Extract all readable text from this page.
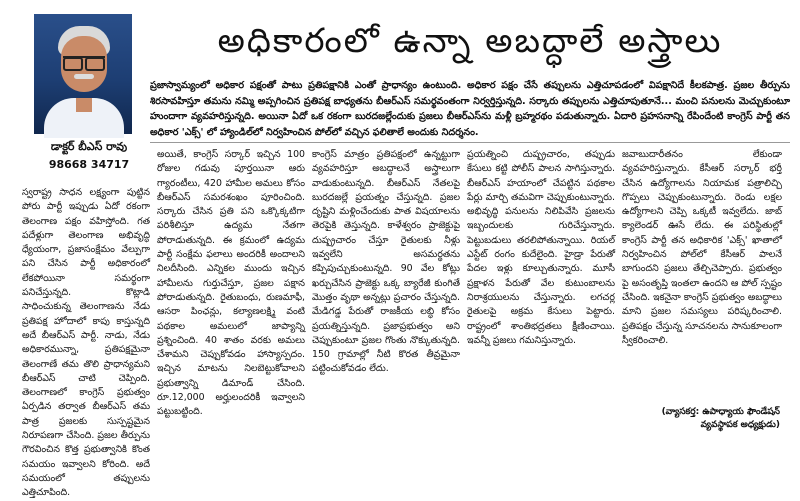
అధికారంలో ఉన్నా అబద్ధాలే అస్త్రాలు
ప్రజాస్వామ్యంలో అధికార పక్షంతో పాటు ప్రతిపక్షానికి ఎంతో ప్రాధాన్యం ఉంటుంది. అధికార పక్షం చేసే తప్పులను ఎత్తిచూపడంలో విపక్షానిదే కీలకపాత్ర. ప్రజల తీర్పును శిరసావహిస్తూ తమను నమ్మి అప్పగించిన ప్రతిపక్ష బాధ్యతను బీఆర్‌ఎస్ సమర్థవంతంగా నిర్వర్తిస్తున్నది. సర్కారు తప్పులను ఎత్తిచూపుతూనే... మంచి పనులను మెచ్చుకుంటూ హుందాగా వ్యవహరిస్తున్నది. అయినా ఏదో ఒక రకంగా బురదజల్లేందుకు ప్రజలు బీఆర్‌ఎస్‌ను మళ్లీ బ్రహ్మరథం పడుతున్నారు. ఏదారి ప్రహసనాన్ని రేపిందేంటి కాంగ్రెస్ పార్టీ తన అధికార 'ఎక్స్' లో హ్యాండిల్‌లో నిర్వహించిన పోల్‌లో వచ్చిన ఫలితాలే అందుకు నిదర్శనం.
డాక్టర్ బీఎస్ రావు
98668 34717
స్వరాష్ట్ర సాధన లక్ష్యంగా పుట్టిన పోరు పార్టీ ఇప్పుడు ఏదో రకంగా తెలంగాణ పక్షం వహిస్తోంది. గత పదేళ్లుగా తెలంగాణ అభివృద్ధి ధ్యేయంగా, ప్రజాసంక్షేమం వేల్పుగా పని చేసిన పార్టీ అధికారంలో లేకపోయినా సమర్థంగా పనిచేస్తున్నది. కొట్లాడి సాధించుకున్న తెలంగాణను నేడు ప్రతిపక్ష హోదాలో కాపు కాస్తున్నది అదే బీఆర్‌ఎస్ పార్టీ. నాడు, నేడు అధికారమున్నా, ప్రతిపక్షమైనా తెలంగాణే తమ తొలి ప్రాధాన్యమని బీఆర్‌ఎస్ చాటి చెప్పింది. తెలంగాణలో కాంగ్రెస్ ప్రభుత్వం ఏర్పడిన తర్వాత బీఆర్‌ఎస్ తమ పాత్ర ప్రజలకు సుస్పష్టమైన నిరూపణగా చేసింది. ప్రజల తీర్పును గౌరవించిన కొత్త ప్రభుత్వానికి కొంత సమయం ఇవ్వాలని కోరింది. అదే సమయంలో తప్పులను ఎత్తిచూపింది.
అయితే, కాంగ్రెస్ సర్కార్ ఇచ్చిన 100 రోజుల గడువు పూర్తయినా ఆరు గ్యారంటీలు, 420 హామీల అమలు కోసం బీఆర్‌ఎస్ సమరశంఖం పూరించింది. సర్కారు చేసిన ప్రతి పని ఒక్కొక్కటిగా పరిశీలిస్తూ ఉద్యమ నేతగా పోరాడుతున్నది. ఈ క్రమంలో ఉద్యమ పార్టీ సంక్షేమ ఫలాలు అందరికీ అందాలని నిలదీసింది. ఎన్నికల ముందు ఇచ్చిన హామీలను గుర్తుచేస్తూ, ప్రజల పక్షాన పోరాడుతున్నది. రైతుబంధు, రుణమాఫీ, ఆసరా పింఛన్లు, కల్యాణలక్ష్మి వంటి పథకాల అమలులో జాప్యాన్ని ప్రశ్నించింది. 40 శాతం వరకు అమలు చేశామని చెప్పుకోవడం హాస్యాస్పదం. ఇచ్చిన మాటను నిలబెట్టుకోవాలని ప్రభుత్వాన్ని డిమాండ్ చేసింది. రూ.12,000 అర్హులందరికీ ఇవ్వాలని పట్టుబట్టింది.
కాంగ్రెస్ మాత్రం ప్రతిపక్షంలో ఉన్నట్టుగా వ్యవహరిస్తూ అబద్ధాలనే అస్త్రాలుగా వాడుకుంటున్నది. బీఆర్‌ఎస్ నేతలపై బురదజల్లే ప్రయత్నం చేస్తున్నది. ప్రజల దృష్టిని మళ్లించేందుకు పాత విషయాలను తెరపైకి తెస్తున్నది. కాళేశ్వరం ప్రాజెక్టుపై దుష్ప్రచారం చేస్తూ రైతులకు నీళ్లు ఇవ్వలేని అసమర్థతను కప్పిపుచ్చుకుంటున్నది. 90 వేల కోట్లు ఖర్చుచేసిన ప్రాజెక్టు ఒక్క బ్యారేజీ కుంగితే మొత్తం వృథా అన్నట్లు ప్రచారం చేస్తున్నది. మేడిగడ్డ పేరుతో రాజకీయ లబ్ధి కోసం ప్రయత్నిస్తున్నది. ప్రజాప్రభుత్వం అని చెప్పుకుంటూ ప్రజల గొంతు నొక్కుతున్నది. 150 గ్రామాల్లో నీటి కొరత తీవ్రమైనా పట్టించుకోవడం లేదు.
ప్రయత్నించి దుష్ప్రచారం, తప్పుడు కేసులు కట్టి పోలీస్ పాలన సాగిస్తున్నారు. బీఆర్‌ఎస్ హయాంలో చేపట్టిన పథకాల పేర్లు మార్చి తమవిగా చెప్పుకుంటున్నారు. అభివృద్ధి పనులను నిలిపివేసి ప్రజలను ఇబ్బందులకు గురిచేస్తున్నారు. పెట్టుబడులు తరలిపోతున్నాయి. రియల్ ఎస్టేట్ రంగం కుదేలైంది. హైడ్రా పేరుతో పేదల ఇళ్లు కూల్చుతున్నారు. మూసీ ప్రక్షాళన పేరుతో వేల కుటుంబాలను నిరాశ్రయులను చేస్తున్నారు. లగచర్ల రైతులపై అక్రమ కేసులు పెట్టారు. రాష్ట్రంలో శాంతిభద్రతలు క్షీణించాయి. ఇవన్నీ ప్రజలు గమనిస్తున్నారు.
జవాబుదారీతనం లేకుండా వ్యవహరిస్తున్నారు. కేసీఆర్ సర్కార్ భర్తీ చేసిన ఉద్యోగాలను నియామక పత్రాలిచ్చి గొప్పలు చెప్పుకుంటున్నారు. రెండు లక్షల ఉద్యోగాలని చెప్పి ఒక్కటీ ఇవ్వలేదు. జాబ్ క్యాలెండర్ ఊసే లేదు. ఈ పరిస్థితుల్లో కాంగ్రెస్ పార్టీ తన అధికారిక 'ఎక్స్' ఖాతాలో నిర్వహించిన పోల్‌లో కేసీఆర్ పాలనే బాగుందని ప్రజలు తేల్చిచెప్పారు. ప్రభుత్వం పై అసంతృప్తి ఇంతలా ఉందని ఆ పోల్ స్పష్టం చేసింది. ఇకనైనా కాంగ్రెస్ ప్రభుత్వం అబద్ధాలు మాని ప్రజల సమస్యలు పరిష్కరించాలి. ప్రతిపక్షం చేస్తున్న సూచనలను సానుకూలంగా స్వీకరించాలి.
(వ్యాసకర్త: ఉపాధ్యాయ ఫౌండేషన్ వ్యవస్థాపక అధ్యక్షుడు)
